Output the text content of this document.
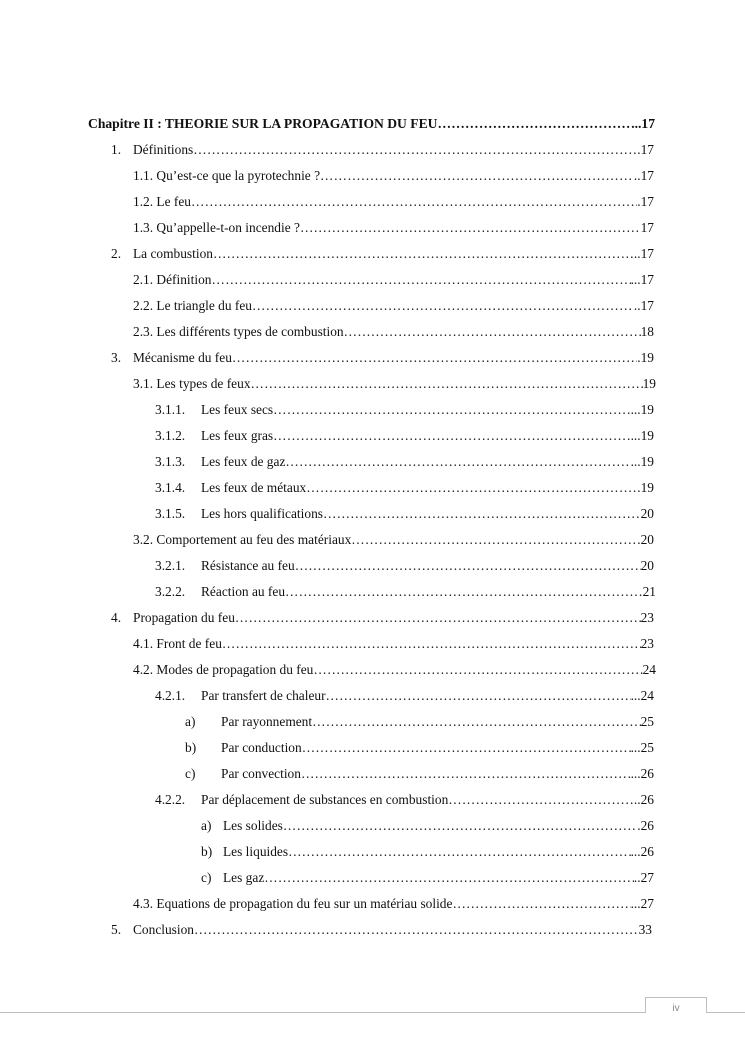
Chapitre II : THEORIE SUR LA PROPAGATION DU FEU ………………………………………………………………………………………………………………………………………………………………………………………	...17
1. Définitions ………………………………………………………………………………………………………………………………………………………………………………………	.17
1.1. Qu’est-ce que la pyrotechnie ? ………………………………………………………………………………………………………………………………………………………………………………………	..17
1.2. Le feu ………………………………………………………………………………………………………………………………………………………………………………………	.17
1.3. Qu’appelle-t-on incendie ? ………………………………………………………………………………………………………………………………………………………………………………………	17
2. La combustion ………………………………………………………………………………………………………………………………………………………………………………………	..17
2.1. Définition ………………………………………………………………………………………………………………………………………………………………………………………	...17
2.2. Le triangle du feu ………………………………………………………………………………………………………………………………………………………………………………………	..17
2.3. Les différents types de combustion ………………………………………………………………………………………………………………………………………………………………………………………	18
3. Mécanisme du feu ………………………………………………………………………………………………………………………………………………………………………………………	.19
3.1. Les types de feux ………………………………………………………………………………………………………………………………………………………………………………………	19
3.1.1.	Les feux secs ………………………………………………………………………………………………………………………………………………………………………………………	...19
3.1.2.	Les feux gras ………………………………………………………………………………………………………………………………………………………………………………………	...19
3.1.3.	Les feux de gaz ………………………………………………………………………………………………………………………………………………………………………………………	...19
3.1.4.	Les feux de métaux ………………………………………………………………………………………………………………………………………………………………………………………	.19
3.1.5.	Les hors qualifications ………………………………………………………………………………………………………………………………………………………………………………………	20
3.2. Comportement au feu des matériaux ………………………………………………………………………………………………………………………………………………………………………………………	.20
3.2.1.	Résistance au feu ………………………………………………………………………………………………………………………………………………………………………………………	20
3.2.2.	Réaction au feu ………………………………………………………………………………………………………………………………………………………………………………………	21
4. Propagation du feu ………………………………………………………………………………………………………………………………………………………………………………………	23
4.1. Front de feu ………………………………………………………………………………………………………………………………………………………………………………………	23
4.2. Modes de propagation du feu ………………………………………………………………………………………………………………………………………………………………………………………	24
4.2.1.	Par transfert de chaleur ………………………………………………………………………………………………………………………………………………………………………………………	...24
a)	Par rayonnement ………………………………………………………………………………………………………………………………………………………………………………………	25
b)	Par conduction ………………………………………………………………………………………………………………………………………………………………………………………	...25
c)	Par convection ………………………………………………………………………………………………………………………………………………………………………………………	...26
4.2.2.	Par déplacement de substances en combustion ………………………………………………………………………………………………………………………………………………………………………………………	..26
a) Les solides ………………………………………………………………………………………………………………………………………………………………………………………	.26
b) Les liquides ………………………………………………………………………………………………………………………………………………………………………………………	...26
c) Les gaz ………………………………………………………………………………………………………………………………………………………………………………………	..27
4.3. Equations de propagation du feu sur un matériau solide ………………………………………………………………………………………………………………………………………………………………………………………	...27
5. Conclusion ………………………………………………………………………………………………………………………………………………………………………………………	33
iv
